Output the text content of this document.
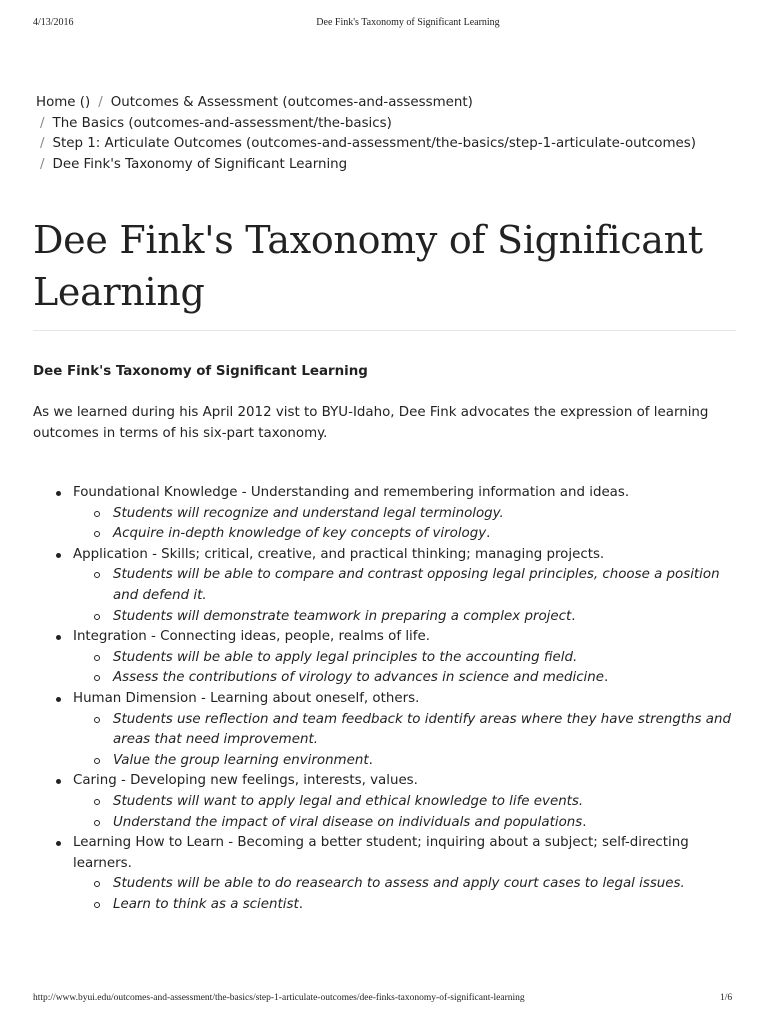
4/13/2016	Dee Fink's Taxonomy of Significant Learning
Home () / Outcomes & Assessment (outcomes-and-assessment)
/ The Basics (outcomes-and-assessment/the-basics)
/ Step 1: Articulate Outcomes (outcomes-and-assessment/the-basics/step-1-articulate-outcomes)
/ Dee Fink's Taxonomy of Significant Learning
Dee Fink's Taxonomy of Significant Learning
Dee Fink's Taxonomy of Significant Learning

As we learned during his April 2012 vist to BYU-Idaho, Dee Fink advocates the expression of learning outcomes in terms of his six-part taxonomy.

Foundational Knowledge - Understanding and remembering information and ideas.
Students will recognize and understand legal terminology.
Acquire in-depth knowledge of key concepts of virology.
Application - Skills; critical, creative, and practical thinking; managing projects.
Students will be able to compare and contrast opposing legal principles, choose a position and defend it.
Students will demonstrate teamwork in preparing a complex project.
Integration - Connecting ideas, people, realms of life.
Students will be able to apply legal principles to the accounting field.
Assess the contributions of virology to advances in science and medicine.
Human Dimension - Learning about oneself, others.
Students use reflection and team feedback to identify areas where they have strengths and areas that need improvement.
Value the group learning environment.
Caring - Developing new feelings, interests, values.
Students will want to apply legal and ethical knowledge to life events.
Understand the impact of viral disease on individuals and populations.
Learning How to Learn - Becoming a better student; inquiring about a subject; self-directing learners.
Students will be able to do reasearch to assess and apply court cases to legal issues.
Learn to think as a scientist.
http://www.byui.edu/outcomes-and-assessment/the-basics/step-1-articulate-outcomes/dee-finks-taxonomy-of-significant-learning	1/6
